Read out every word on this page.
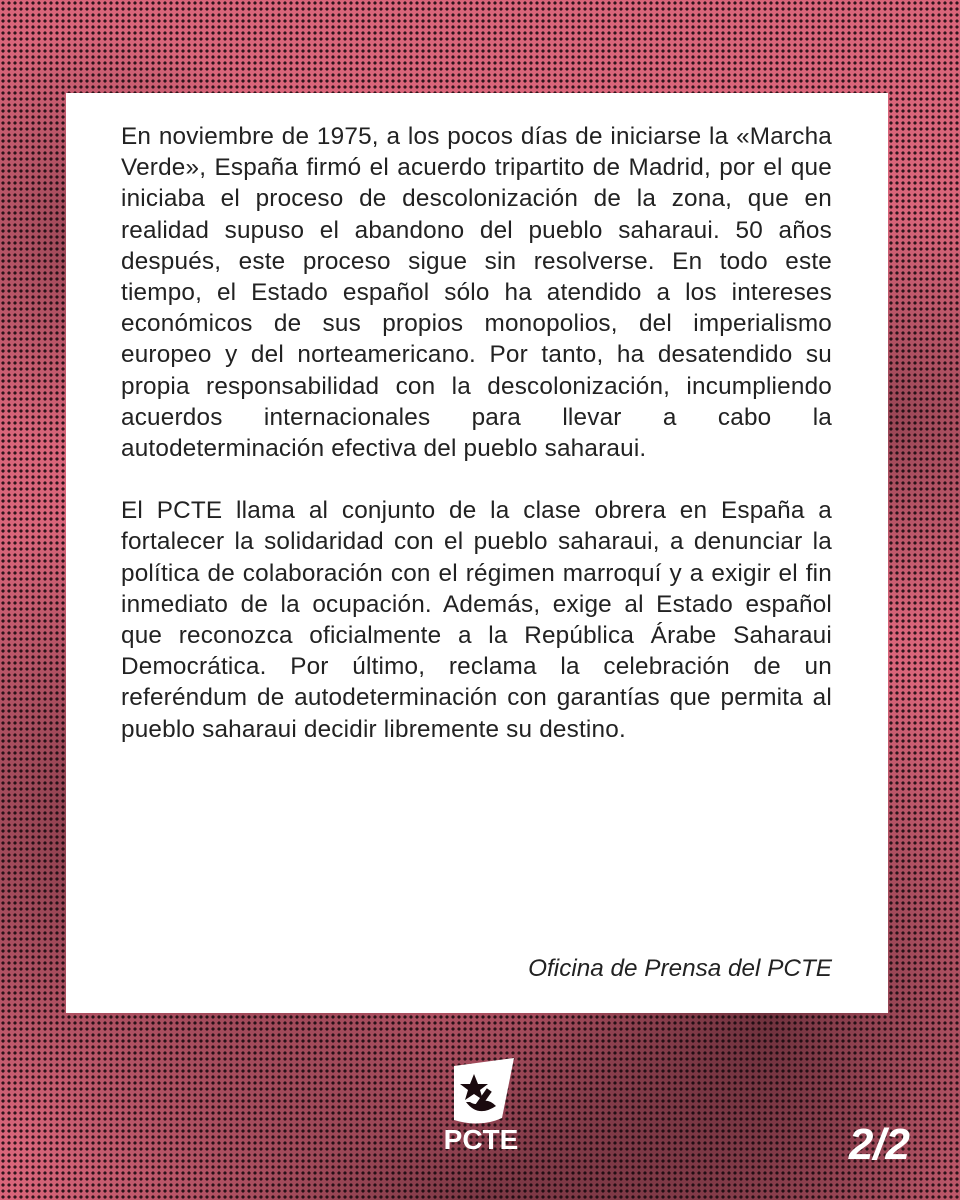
En noviembre de 1975, a los pocos días de iniciarse la «Marcha Verde», España firmó el acuerdo tripartito de Madrid, por el que iniciaba el proceso de descolonización de la zona, que en realidad supuso el abandono del pueblo saharaui. 50 años después, este proceso sigue sin resolverse. En todo este tiempo, el Estado español sólo ha atendido a los intereses económicos de sus propios monopolios, del imperialismo europeo y del norteamericano. Por tanto, ha desatendido su propia responsabilidad con la descolonización, incumpliendo acuerdos internacionales para llevar a cabo la autodeterminación efectiva del pueblo saharaui.

El PCTE llama al conjunto de la clase obrera en España a fortalecer la solidaridad con el pueblo saharaui, a denunciar la política de colaboración con el régimen marroquí y a exigir el fin inmediato de la ocupación. Además, exige al Estado español que reconozca oficialmente a la República Árabe Saharaui Democrática. Por último, reclama la celebración de un referéndum de autodeterminación con garantías que permita al pueblo saharaui decidir libremente su destino.

Oficina de Prensa del PCTE
PCTE	2/2
